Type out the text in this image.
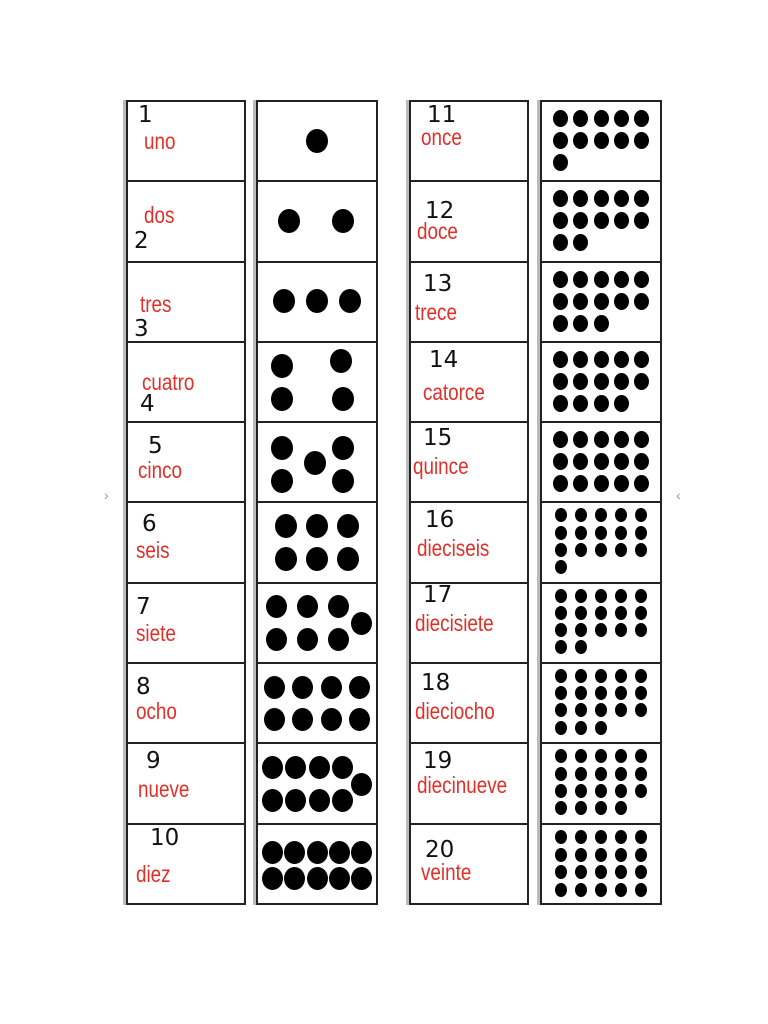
1
uno
2
dos
3
tres
4
cuatro
5
cinco
6
seis
7
siete
8
ocho
9
nueve
10
diez
11
once
12
doce
13
trece
14
catorce
15
quince
16
dieciseis
17
diecisiete
18
dieciocho
19
diecinueve
20
veinte
›	‹
